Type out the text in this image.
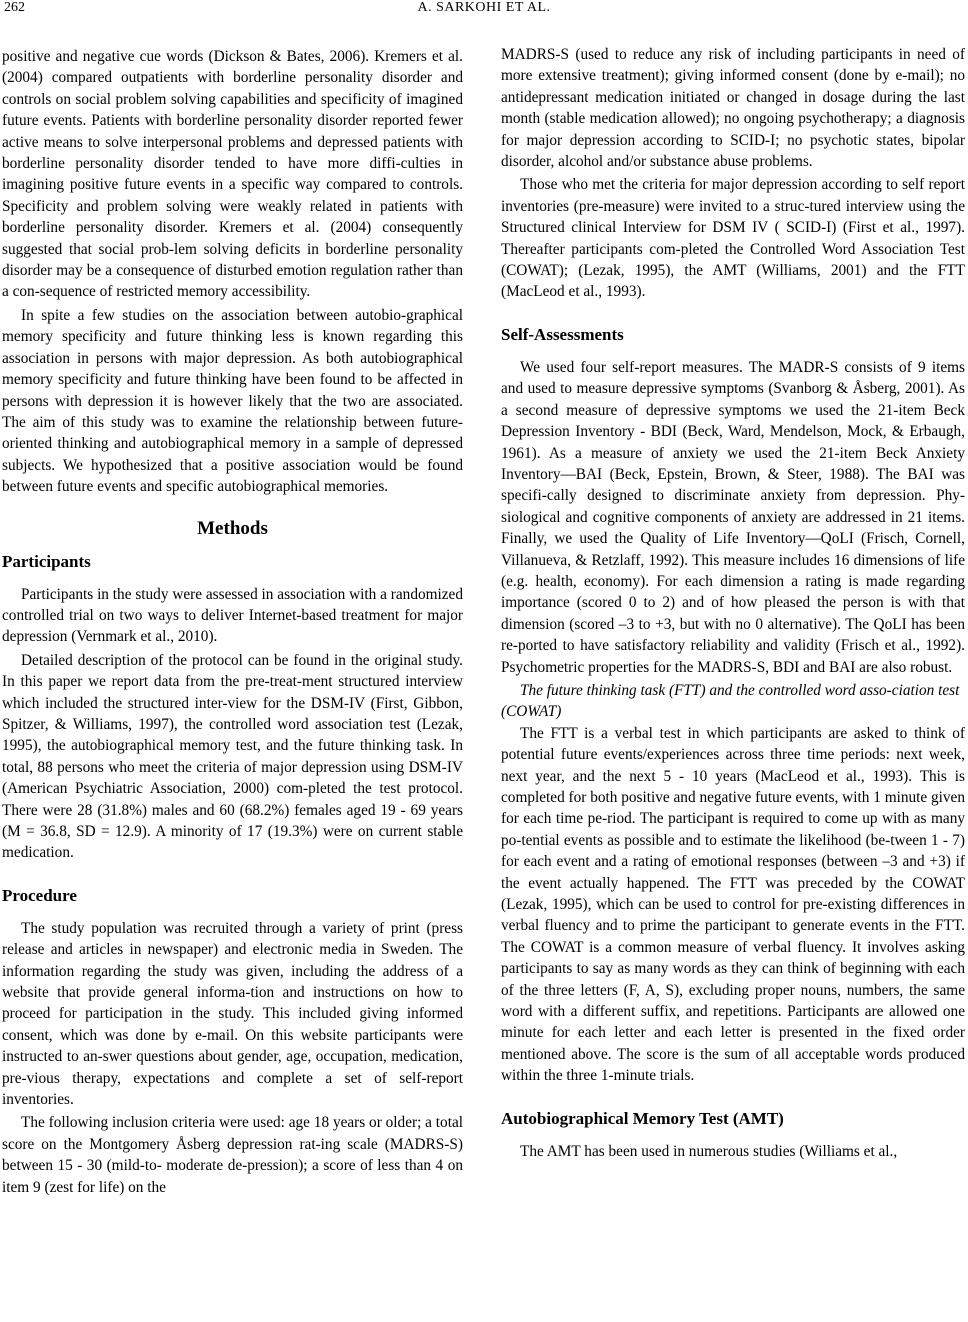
262	A. SARKOHI ET AL.

positive and negative cue words (Dickson & Bates, 2006). Kremers et al. (2004) compared outpatients with borderline personality disorder and controls on social problem solving capabilities and specificity of imagined future events. Patients with borderline personality disorder reported fewer active means to solve interpersonal problems and depressed patients with borderline personality disorder tended to have more diffi-culties in imagining positive future events in a specific way compared to controls. Specificity and problem solving were weakly related in patients with borderline personality disorder. Kremers et al. (2004) consequently suggested that social prob-lem solving deficits in borderline personality disorder may be a consequence of disturbed emotion regulation rather than a con-sequence of restricted memory accessibility.

In spite a few studies on the association between autobio-graphical memory specificity and future thinking less is known regarding this association in persons with major depression. As both autobiographical memory specificity and future thinking have been found to be affected in persons with depression it is however likely that the two are associated. The aim of this study was to examine the relationship between future-oriented thinking and autobiographical memory in a sample of depressed subjects. We hypothesized that a positive association would be found between future events and specific autobiographical memories.

Methods
Participants

Participants in the study were assessed in association with a randomized controlled trial on two ways to deliver Internet-based treatment for major depression (Vernmark et al., 2010).

Detailed description of the protocol can be found in the original study. In this paper we report data from the pre-treat-ment structured interview which included the structured inter-view for the DSM-IV (First, Gibbon, Spitzer, & Williams, 1997), the controlled word association test (Lezak, 1995), the autobiographical memory test, and the future thinking task. In total, 88 persons who meet the criteria of major depression using DSM-IV (American Psychiatric Association, 2000) com-pleted the test protocol. There were 28 (31.8%) males and 60 (68.2%) females aged 19 - 69 years (M = 36.8, SD = 12.9). A minority of 17 (19.3%) were on current stable medication.

Procedure

The study population was recruited through a variety of print (press release and articles in newspaper) and electronic media in Sweden. The information regarding the study was given, including the address of a website that provide general informa-tion and instructions on how to proceed for participation in the study. This included giving informed consent, which was done by e-mail. On this website participants were instructed to an-swer questions about gender, age, occupation, medication, pre-vious therapy, expectations and complete a set of self-report inventories.

The following inclusion criteria were used: age 18 years or older; a total score on the Montgomery Åsberg depression rat-ing scale (MADRS-S) between 15 - 30 (mild-to- moderate de-pression); a score of less than 4 on item 9 (zest for life) on the

MADRS-S (used to reduce any risk of including participants in need of more extensive treatment); giving informed consent (done by e-mail); no antidepressant medication initiated or changed in dosage during the last month (stable medication allowed); no ongoing psychotherapy; a diagnosis for major depression according to SCID-I; no psychotic states, bipolar disorder, alcohol and/or substance abuse problems.

Those who met the criteria for major depression according to self report inventories (pre-measure) were invited to a struc-tured interview using the Structured clinical Interview for DSM IV ( SCID-I) (First et al., 1997). Thereafter participants com-pleted the Controlled Word Association Test (COWAT); (Lezak, 1995), the AMT (Williams, 2001) and the FTT (MacLeod et al., 1993).

Self-Assessments

We used four self-report measures. The MADR-S consists of 9 items and used to measure depressive symptoms (Svanborg & Åsberg, 2001). As a second measure of depressive symptoms we used the 21-item Beck Depression Inventory - BDI (Beck, Ward, Mendelson, Mock, & Erbaugh, 1961). As a measure of anxiety we used the 21-item Beck Anxiety Inventory—BAI (Beck, Epstein, Brown, & Steer, 1988). The BAI was specifi-cally designed to discriminate anxiety from depression. Phy-siological and cognitive components of anxiety are addressed in 21 items. Finally, we used the Quality of Life Inventory—QoLI (Frisch, Cornell, Villanueva, & Retzlaff, 1992). This measure includes 16 dimensions of life (e.g. health, economy). For each dimension a rating is made regarding importance (scored 0 to 2) and of how pleased the person is with that dimension (scored –3 to +3, but with no 0 alternative). The QoLI has been re-ported to have satisfactory reliability and validity (Frisch et al., 1992). Psychometric properties for the MADRS-S, BDI and BAI are also robust.

The future thinking task (FTT) and the controlled word asso-ciation test (COWAT)

The FTT is a verbal test in which participants are asked to think of potential future events/experiences across three time periods: next week, next year, and the next 5 - 10 years (MacLeod et al., 1993). This is completed for both positive and negative future events, with 1 minute given for each time pe-riod. The participant is required to come up with as many po-tential events as possible and to estimate the likelihood (be-tween 1 - 7) for each event and a rating of emotional responses (between –3 and +3) if the event actually happened. The FTT was preceded by the COWAT (Lezak, 1995), which can be used to control for pre-existing differences in verbal fluency and to prime the participant to generate events in the FTT. The COWAT is a common measure of verbal fluency. It involves asking participants to say as many words as they can think of beginning with each of the three letters (F, A, S), excluding proper nouns, numbers, the same word with a different suffix, and repetitions. Participants are allowed one minute for each letter and each letter is presented in the fixed order mentioned above. The score is the sum of all acceptable words produced within the three 1-minute trials.

Autobiographical Memory Test (AMT)

The AMT has been used in numerous studies (Williams et al.,
